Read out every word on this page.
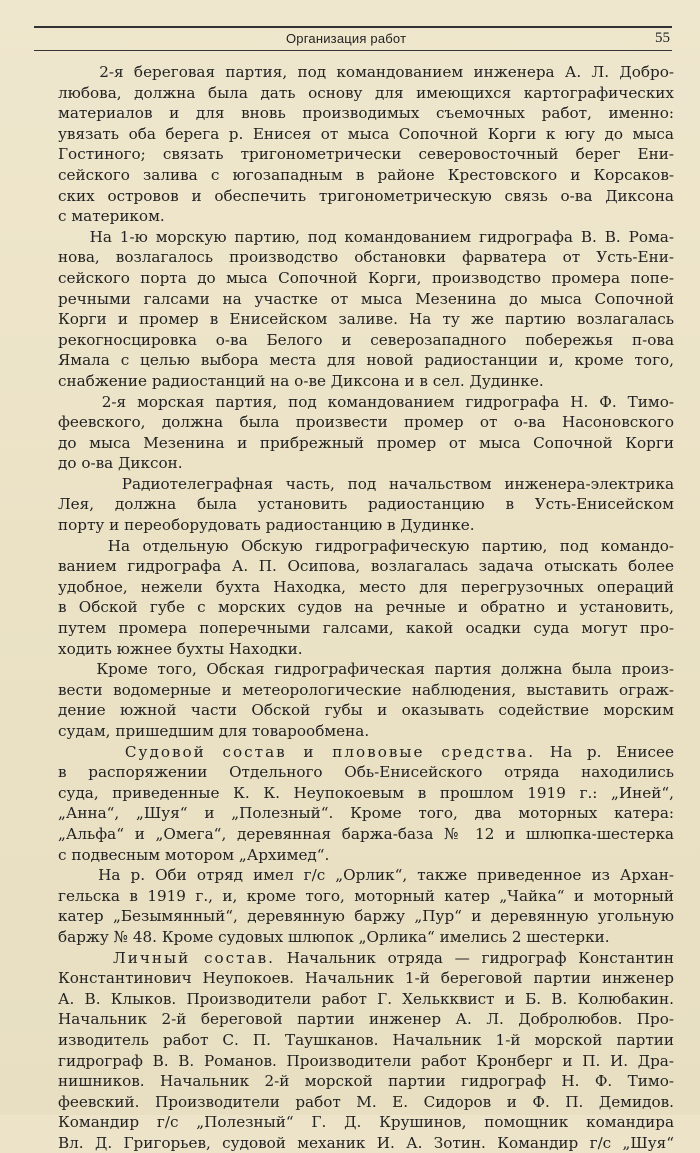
Организация работ	55

2-я береговая партия, под командованием инженера А. Л. Добро-
любова, должна была дать основу для имеющихся картографических
материалов и для вновь производимых съемочных работ, именно:
увязать оба берега р. Енисея от мыса Сопочной Корги к югу до мыса
Гостиного; связать тригонометрически северовосточный берег Ени-
сейского залива с югозападным в районе Крестовского и Корсаков-
ских островов и обеспечить тригонометрическую связь о-ва Диксона
с материком.

На 1-ю морскую партию, под командованием гидрографа В. В. Рома-
нова, возлагалось производство обстановки фарватера от Усть-Ени-
сейского порта до мыса Сопочной Корги, производство промера попе-
речными галсами на участке от мыса Мезенина до мыса Сопочной
Корги и промер в Енисейском заливе. На ту же партию возлагалась
рекогносцировка о-ва Белого и северозападного побережья п-ова
Ямала с целью выбора места для новой радиостанции и, кроме того,
снабжение радиостанций на о-ве Диксона и в сел. Дудинке.

2-я морская партия, под командованием гидрографа Н. Ф. Тимо-
феевского, должна была произвести промер от о-ва Насоновского
до мыса Мезенина и прибрежный промер от мыса Сопочной Корги
до о-ва Диксон.

Радиотелеграфная часть, под начальством инженера-электрика
Лея, должна была установить радиостанцию в Усть-Енисейском
порту и переоборудовать радиостанцию в Дудинке.

На отдельную Обскую гидрографическую партию, под командо-
ванием гидрографа А. П. Осипова, возлагалась задача отыскать более
удобное, нежели бухта Находка, место для перегрузочных операций
в Обской губе с морских судов на речные и обратно и установить,
путем промера поперечными галсами, какой осадки суда могут про-
ходить южнее бухты Находки.

Кроме того, Обская гидрографическая партия должна была произ-
вести водомерные и метеорологические наблюдения, выставить ограж-
дение южной части Обской губы и оказывать содействие морским
судам, пришедшим для товарообмена.

Судовой состав и плововые средства. На р. Енисее
в распоряжении Отдельного Обь-Енисейского отряда находились
суда, приведенные К. К. Неупокоевым в прошлом 1919 г.: „Иней“,
„Анна“, „Шуя“ и „Полезный“. Кроме того, два моторных катера:
„Альфа“ и „Омега“, деревянная баржа-база № 12 и шлюпка-шестерка
с подвесным мотором „Архимед“.

На р. Оби отряд имел г/с „Орлик“, также приведенное из Архан-
гельска в 1919 г., и, кроме того, моторный катер „Чайка“ и моторный
катер „Безымянный“, деревянную баржу „Пур“ и деревянную угольную
баржу № 48. Кроме судовых шлюпок „Орлика“ имелись 2 шестерки.

Личный состав. Начальник отряда — гидрограф Константин
Константинович Неупокоев. Начальник 1-й береговой партии инженер
А. В. Клыков. Производители работ Г. Хелькквист и Б. В. Колюбакин.
Начальник 2-й береговой партии инженер А. Л. Добролюбов. Про-
изводитель работ С. П. Таушканов. Начальник 1-й морской партии
гидрограф В. В. Романов. Производители работ Кронберг и П. И. Дра-
нишников. Начальник 2-й морской партии гидрограф Н. Ф. Тимо-
феевский. Производители работ М. Е. Сидоров и Ф. П. Демидов.
Командир г/с „Полезный“ Г. Д. Крушинов, помощник командира
Вл. Д. Григорьев, судовой механик И. А. Зотин. Командир г/с „Шуя“
